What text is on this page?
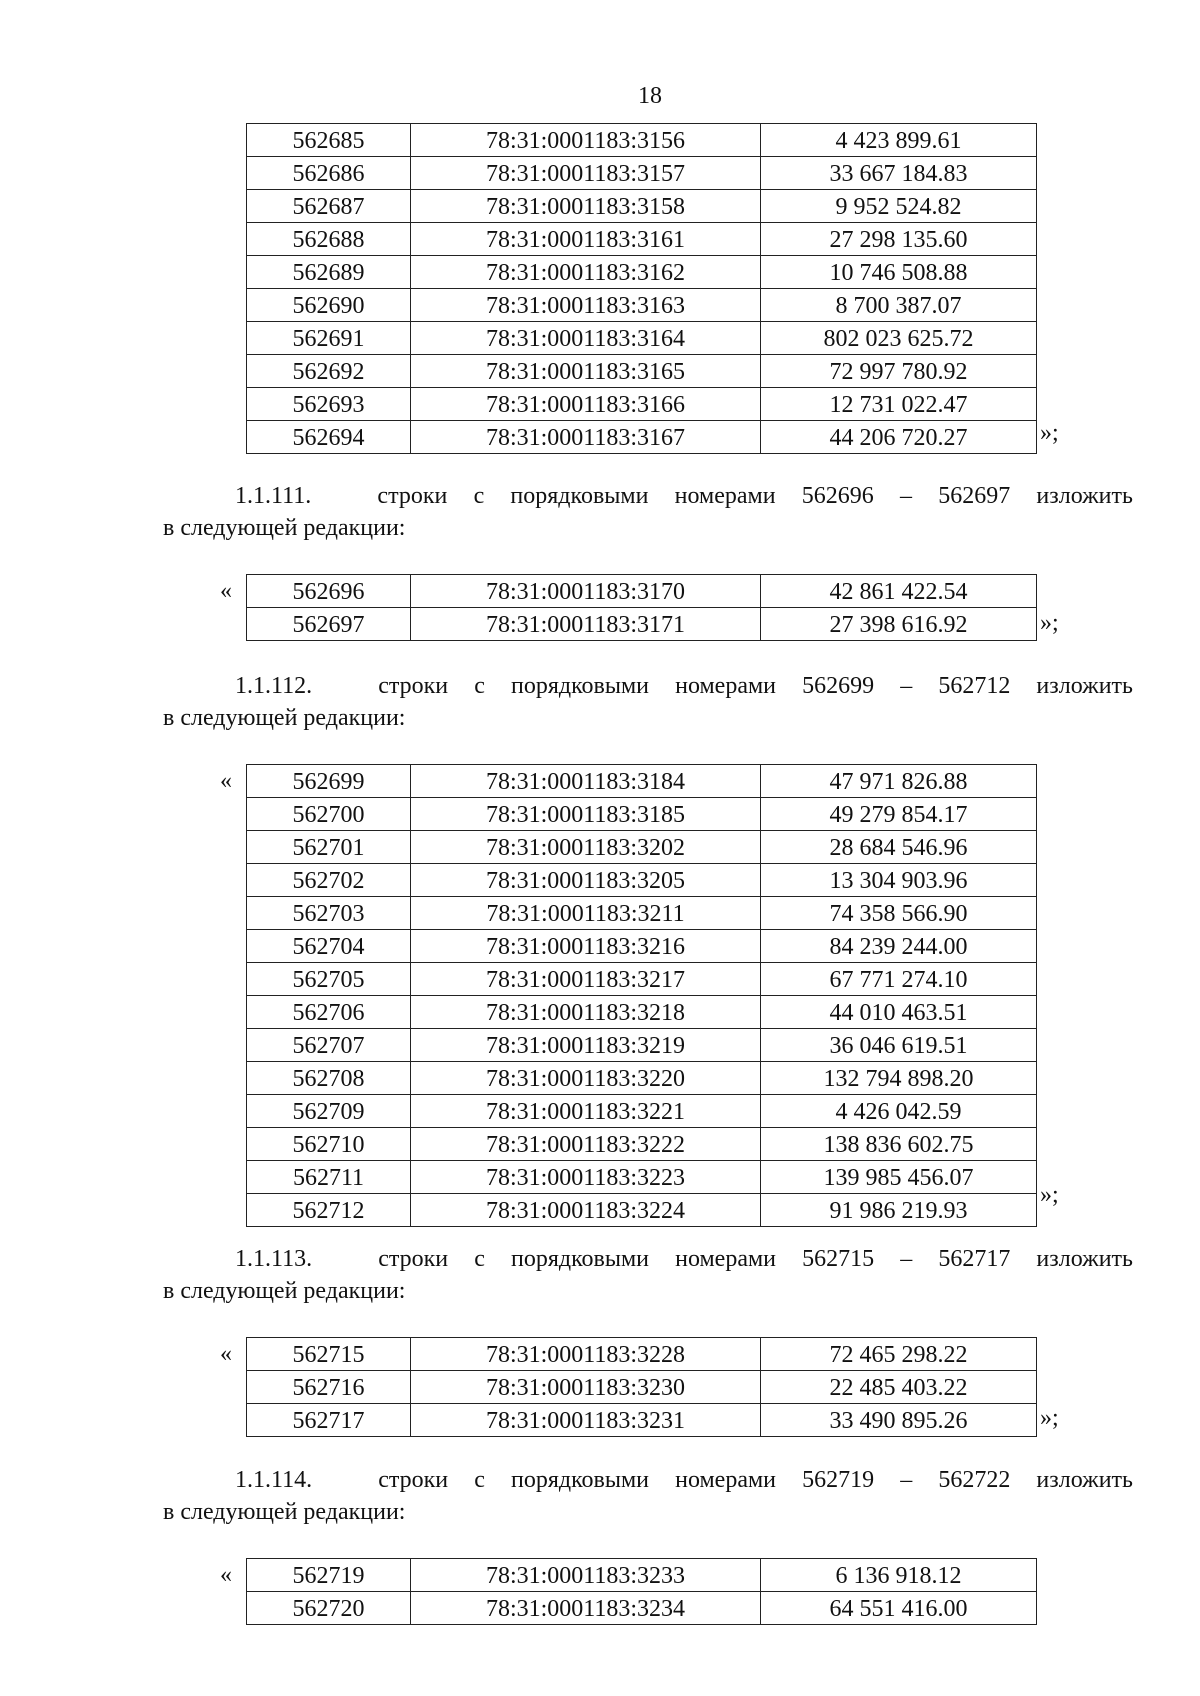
18
562685	78:31:0001183:3156	4 423 899.61
562686	78:31:0001183:3157	33 667 184.83
562687	78:31:0001183:3158	9 952 524.82
562688	78:31:0001183:3161	27 298 135.60
562689	78:31:0001183:3162	10 746 508.88
562690	78:31:0001183:3163	8 700 387.07
562691	78:31:0001183:3164	802 023 625.72
562692	78:31:0001183:3165	72 997 780.92
562693	78:31:0001183:3166	12 731 022.47
562694	78:31:0001183:3167	44 206 720.27	»;
1.1.111.	строки с порядковыми номерами 562696 – 562697 изложить
в следующей редакции:
«	562696	78:31:0001183:3170	42 861 422.54
562697	78:31:0001183:3171	27 398 616.92	»;
1.1.112.	строки с порядковыми номерами 562699 – 562712 изложить
в следующей редакции:
«	562699	78:31:0001183:3184	47 971 826.88
562700	78:31:0001183:3185	49 279 854.17
562701	78:31:0001183:3202	28 684 546.96
562702	78:31:0001183:3205	13 304 903.96
562703	78:31:0001183:3211	74 358 566.90
562704	78:31:0001183:3216	84 239 244.00
562705	78:31:0001183:3217	67 771 274.10
562706	78:31:0001183:3218	44 010 463.51
562707	78:31:0001183:3219	36 046 619.51
562708	78:31:0001183:3220	132 794 898.20
562709	78:31:0001183:3221	4 426 042.59
562710	78:31:0001183:3222	138 836 602.75
562711	78:31:0001183:3223	139 985 456.07
562712	78:31:0001183:3224	91 986 219.93
»;
1.1.113.	строки с порядковыми номерами 562715 – 562717 изложить
в следующей редакции:
«	562715	78:31:0001183:3228	72 465 298.22
562716	78:31:0001183:3230	22 485 403.22
562717	78:31:0001183:3231	33 490 895.26	»;
1.1.114.	строки с порядковыми номерами 562719 – 562722 изложить
в следующей редакции:
«	562719	78:31:0001183:3233	6 136 918.12
562720	78:31:0001183:3234	64 551 416.00
